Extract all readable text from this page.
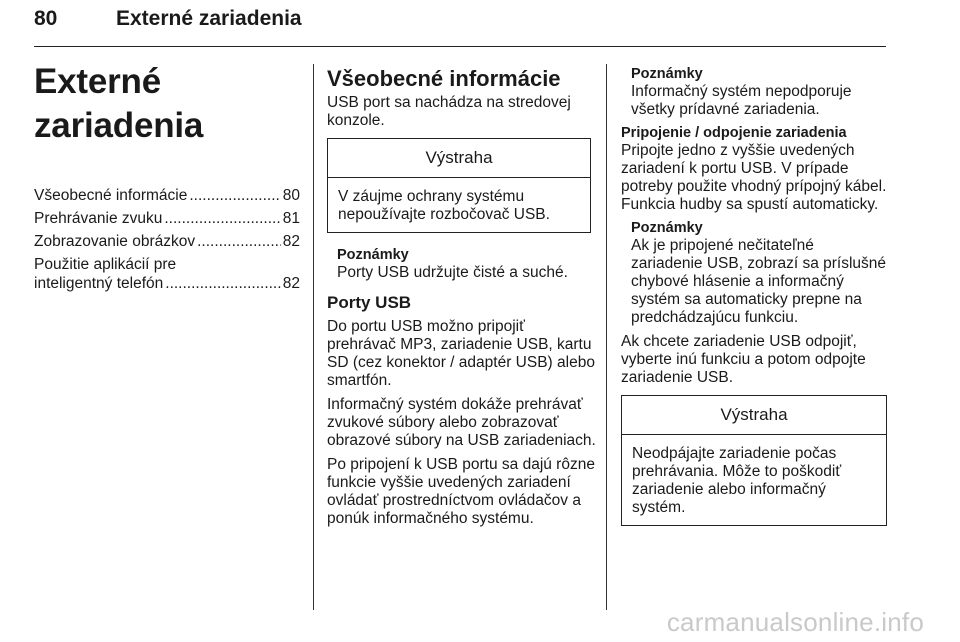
80	Externé zariadenia
Externé zariadenia
Všeobecné informácie .....	80
Prehrávanie zvuku .....	81
Zobrazovanie obrázkov .....	82
Použitie aplikácií pre
inteligentný telefón .....	82
Všeobecné informácie

USB port sa nachádza na stredovej konzole.

Výstraha
V záujme ochrany systému nepoužívajte rozbočovač USB.
Poznámky
Porty USB udržujte čisté a suché.
Porty USB

Do portu USB možno pripojiť prehrávač MP3, zariadenie USB, kartu SD (cez konektor / adaptér USB) alebo smartfón.

Informačný systém dokáže prehrávať zvukové súbory alebo zobrazovať obrazové súbory na USB zariadeniach.

Po pripojení k USB portu sa dajú rôzne funkcie vyššie uvedených zariadení ovládať prostredníctvom ovládačov a ponúk informačného systému.

Poznámky
Informačný systém nepodporuje všetky prídavné zariadenia.
Pripojenie / odpojenie zariadenia

Pripojte jedno z vyššie uvedených zariadení k portu USB. V prípade potreby použite vhodný prípojný kábel. Funkcia hudby sa spustí automaticky.

Poznámky
Ak je pripojené nečitateľné zariadenie USB, zobrazí sa príslušné chybové hlásenie a informačný systém sa automaticky prepne na predchádzajúcu funkciu.

Ak chcete zariadenie USB odpojiť, vyberte inú funkciu a potom odpojte zariadenie USB.

Výstraha
Neodpájajte zariadenie počas prehrávania. Môže to poškodiť zariadenie alebo informačný systém.
carmanualsonline.info
